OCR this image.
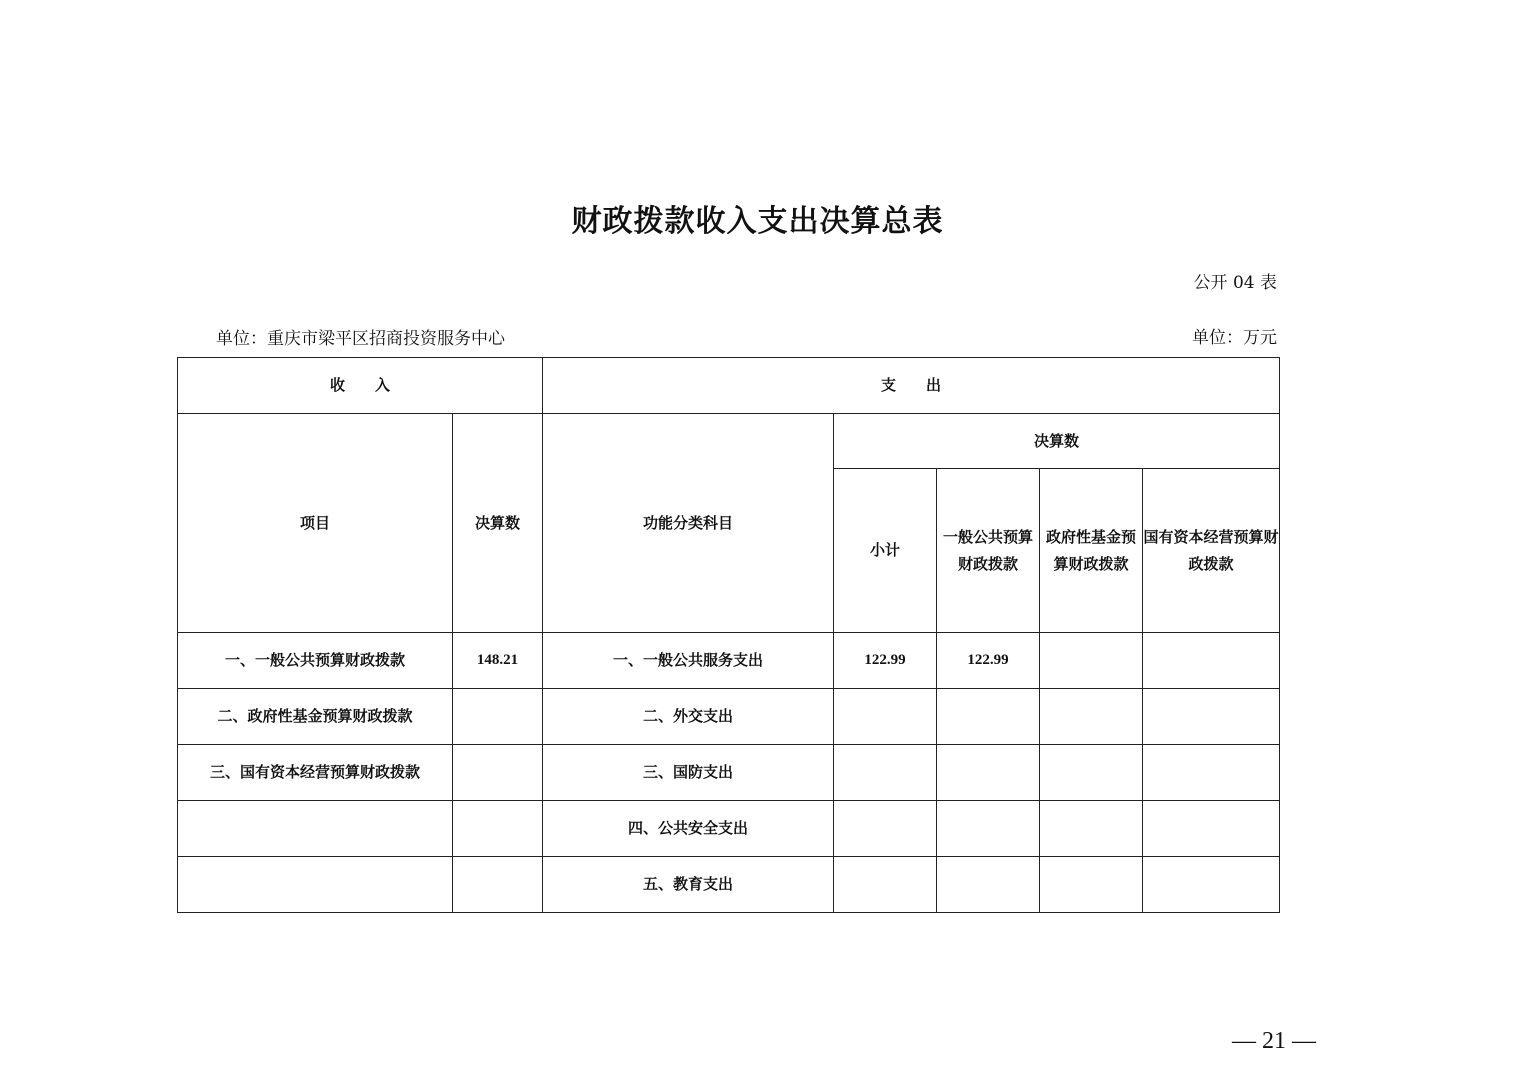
财政拨款收入支出决算总表
公开 04 表
单位：重庆市梁平区招商投资服务中心	单位：万元
收　　入		支　　出				
项目	决算数	功能分类科目	决算数			
			小计	一般公共预算财政拨款	政府性基金预算财政拨款	国有资本经营预算财政拨款
一、一般公共预算财政拨款	148.21	一、一般公共服务支出	122.99	122.99		
二、政府性基金预算财政拨款		二、外交支出				
三、国有资本经营预算财政拨款		三、国防支出				
		四、公共安全支出				
		五、教育支出				
— 21 —
